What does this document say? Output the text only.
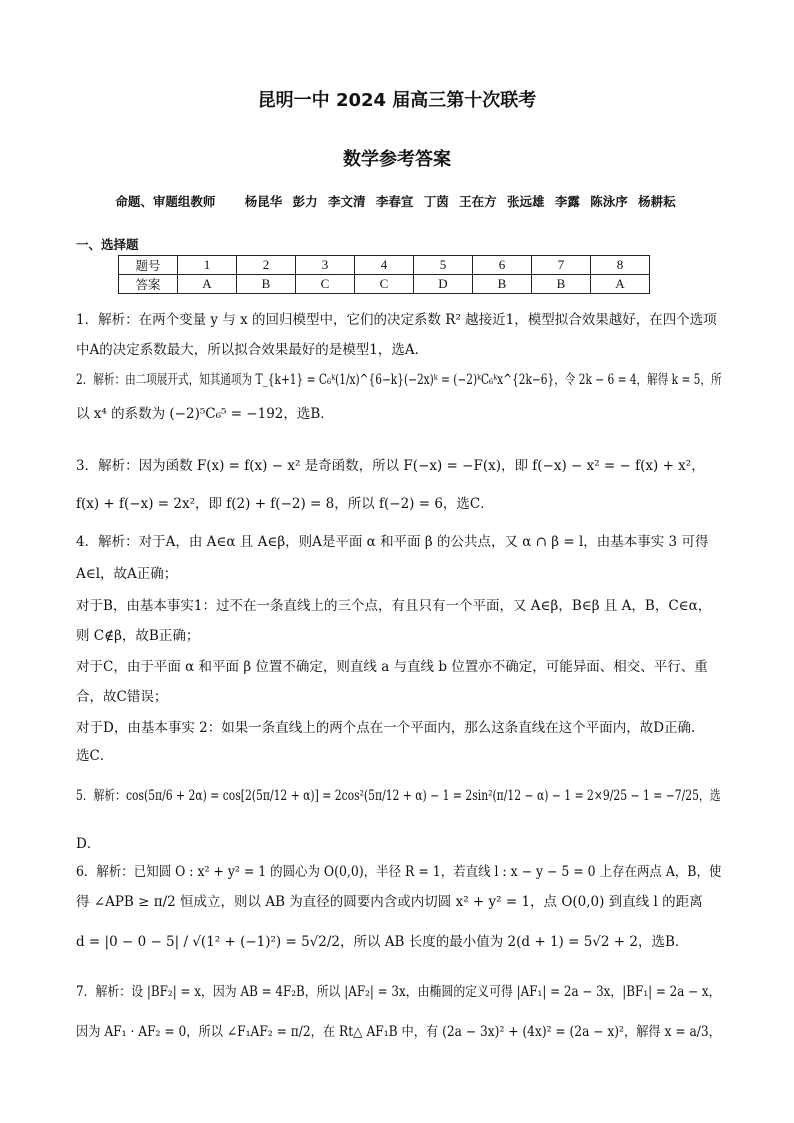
昆明一中 2024 届高三第十次联考
数学参考答案
命题、审题组教师 杨昆华 彭力 李文清 李春宣 丁茵 王在方 张远雄 李露 陈泳序 杨耕耘
一、选择题
题号	1	2	3	4	5	6	7	8
答案	A	B	C	C	D	B	B	A
1．解析：在两个变量 y 与 x 的回归模型中，它们的决定系数 R² 越接近1，模型拟合效果越好，在四个选项
中A的决定系数最大，所以拟合效果最好的是模型1，选A．
2．解析：由二项展开式，知其通项为 T_{k+1} = C₆ᵏ(1/x)^{6−k}(−2x)ᵏ = (−2)ᵏC₆ᵏx^{2k−6}，令 2k − 6 = 4，解得 k = 5，所
以 x⁴ 的系数为 (−2)⁵C₆⁵ = −192，选B．
3．解析：因为函数 F(x) = f(x) − x² 是奇函数，所以 F(−x) = −F(x)，即 f(−x) − x² = − f(x) + x²，
f(x) + f(−x) = 2x²，即 f(2) + f(−2) = 8，所以 f(−2) = 6，选C．
4．解析：对于A，由 A∈α 且 A∈β，则A是平面 α 和平面 β 的公共点，又 α ∩ β = l，由基本事实 3 可得
A∈l，故A正确；
对于B，由基本事实1：过不在一条直线上的三个点，有且只有一个平面，又 A∈β，B∈β 且 A，B，C∈α，
则 C∉β，故B正确；
对于C，由于平面 α 和平面 β 位置不确定，则直线 a 与直线 b 位置亦不确定，可能异面、相交、平行、重
合，故C错误；
对于D，由基本事实 2：如果一条直线上的两个点在一个平面内，那么这条直线在这个平面内，故D正确.
选C．
5．解析：cos(5π/6 + 2α) = cos[2(5π/12 + α)] = 2cos²(5π/12 + α) − 1 = 2sin²(π/12 − α) − 1 = 2×9/25 − 1 = −7/25，选
D．
6．解析：已知圆 O : x² + y² = 1 的圆心为 O(0,0)，半径 R = 1，若直线 l : x − y − 5 = 0 上存在两点 A，B，使
得 ∠APB ≥ π/2 恒成立，则以 AB 为直径的圆要内含或内切圆 x² + y² = 1，点 O(0,0) 到直线 l 的距离
d = |0 − 0 − 5| / √(1² + (−1)²) = 5√2/2，所以 AB 长度的最小值为 2(d + 1) = 5√2 + 2，选B．
7．解析：设 |BF₂| = x，因为 AB = 4F₂B，所以 |AF₂| = 3x，由椭圆的定义可得 |AF₁| = 2a − 3x，|BF₁| = 2a − x，
因为 AF₁ · AF₂ = 0，所以 ∠F₁AF₂ = π/2，在 Rt△ AF₁B 中，有 (2a − 3x)² + (4x)² = (2a − x)²，解得 x = a/3，
